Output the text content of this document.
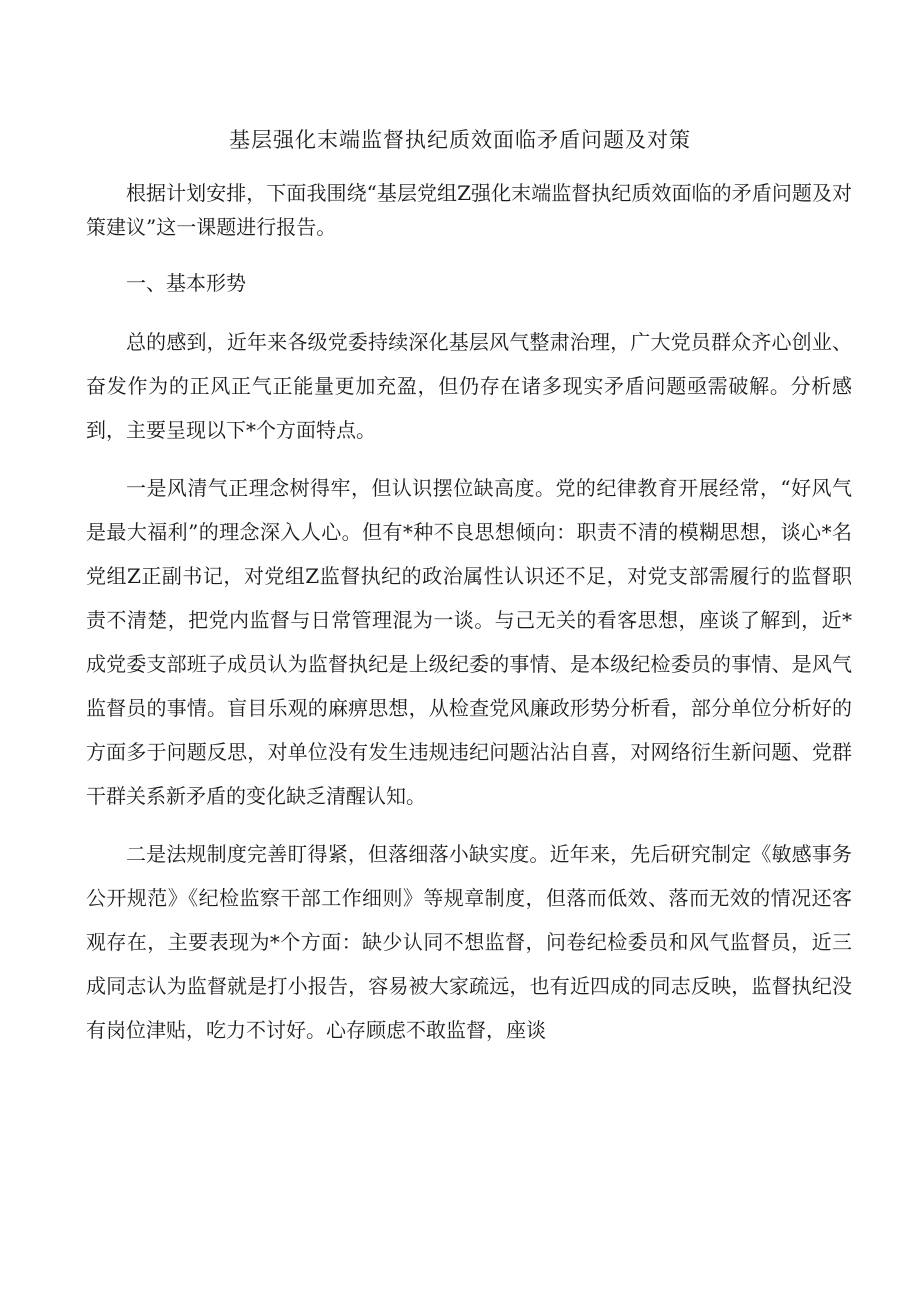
基层强化末端监督执纪质效面临矛盾问题及对策

根据计划安排，下面我围绕“基层党组Z强化末端监督执纪质效面临的矛盾问题及对策建议”这一课题进行报告。

一、基本形势

总的感到，近年来各级党委持续深化基层风气整肃治理，广大党员群众齐心创业、奋发作为的正风正气正能量更加充盈，但仍存在诸多现实矛盾问题亟需破解。分析感到，主要呈现以下*个方面特点。

一是风清气正理念树得牢，但认识摆位缺高度。党的纪律教育开展经常，“好风气是最大福利”的理念深入人心。但有*种不良思想倾向：职责不清的模糊思想，谈心*名党组Z正副书记，对党组Z监督执纪的政治属性认识还不足，对党支部需履行的监督职责不清楚，把党内监督与日常管理混为一谈。与己无关的看客思想，座谈了解到，近*成党委支部班子成员认为监督执纪是上级纪委的事情、是本级纪检委员的事情、是风气监督员的事情。盲目乐观的麻痹思想，从检查党风廉政形势分析看，部分单位分析好的方面多于问题反思，对单位没有发生违规违纪问题沾沾自喜，对网络衍生新问题、党群干群关系新矛盾的变化缺乏清醒认知。

二是法规制度完善盯得紧，但落细落小缺实度。近年来，先后研究制定《敏感事务公开规范》《纪检监察干部工作细则》等规章制度，但落而低效、落而无效的情况还客观存在，主要表现为*个方面：缺少认同不想监督，问卷纪检委员和风气监督员，近三成同志认为监督就是打小报告，容易被大家疏远，也有近四成的同志反映，监督执纪没有岗位津贴，吃力不讨好。心存顾虑不敢监督，座谈
